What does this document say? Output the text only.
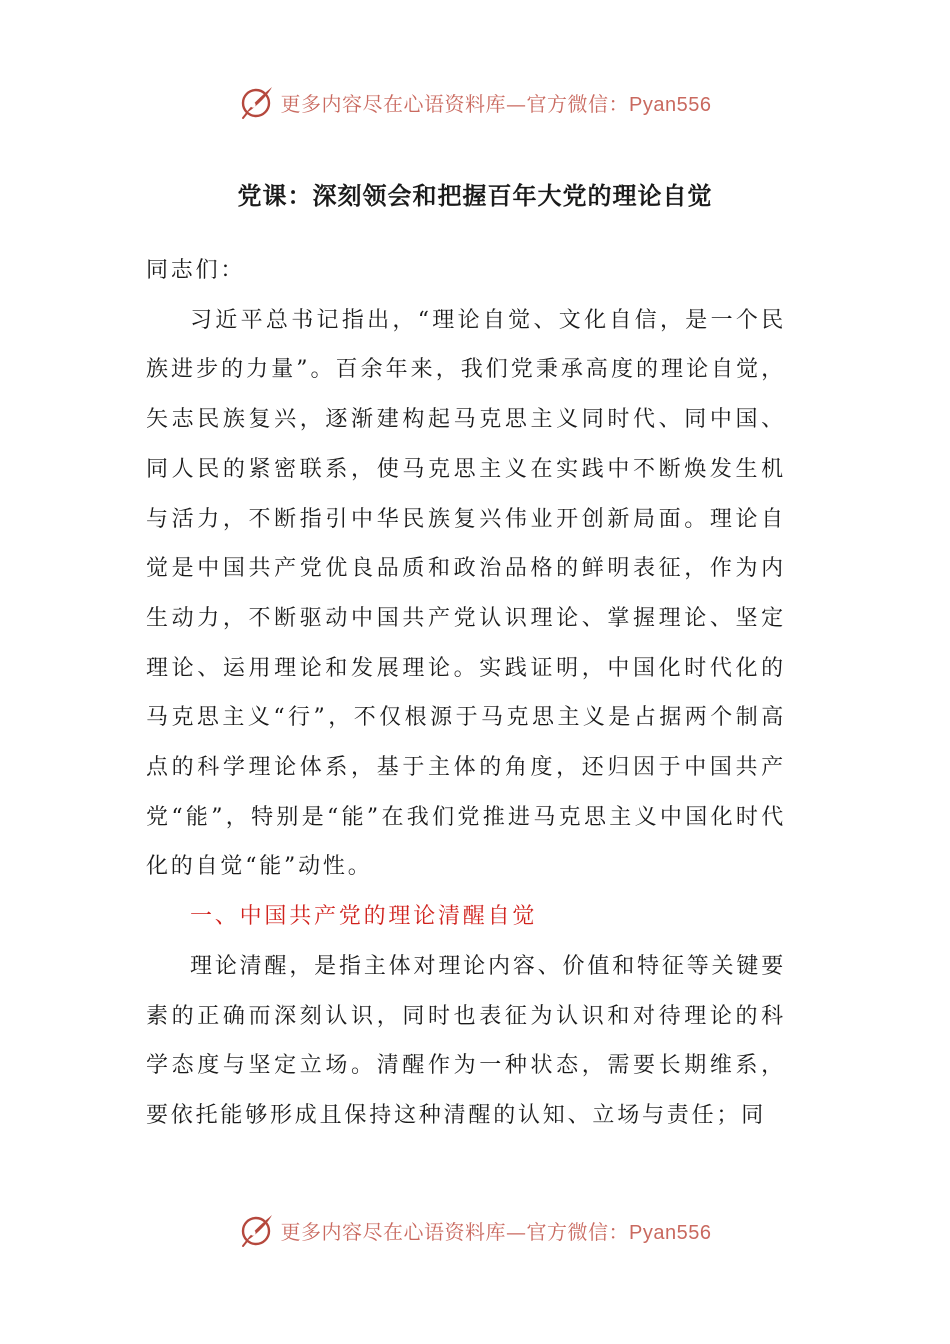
更多内容尽在心语资料库—官方微信：Pyan556
党课：深刻领会和把握百年大党的理论自觉

同志们：

习近平总书记指出，“理论自觉、文化自信，是一个民族进步的力量”。百余年来，我们党秉承高度的理论自觉，矢志民族复兴，逐渐建构起马克思主义同时代、同中国、同人民的紧密联系，使马克思主义在实践中不断焕发生机与活力，不断指引中华民族复兴伟业开创新局面。理论自觉是中国共产党优良品质和政治品格的鲜明表征，作为内生动力，不断驱动中国共产党认识理论、掌握理论、坚定理论、运用理论和发展理论。实践证明，中国化时代化的马克思主义“行”，不仅根源于马克思主义是占据两个制高点的科学理论体系，基于主体的角度，还归因于中国共产党“能”，特别是“能”在我们党推进马克思主义中国化时代化的自觉“能”动性。

一、中国共产党的理论清醒自觉

理论清醒，是指主体对理论内容、价值和特征等关键要素的正确而深刻认识，同时也表征为认识和对待理论的科学态度与坚定立场。清醒作为一种状态，需要长期维系，要依托能够形成且保持这种清醒的认知、立场与责任；同

更多内容尽在心语资料库—官方微信：Pyan556
